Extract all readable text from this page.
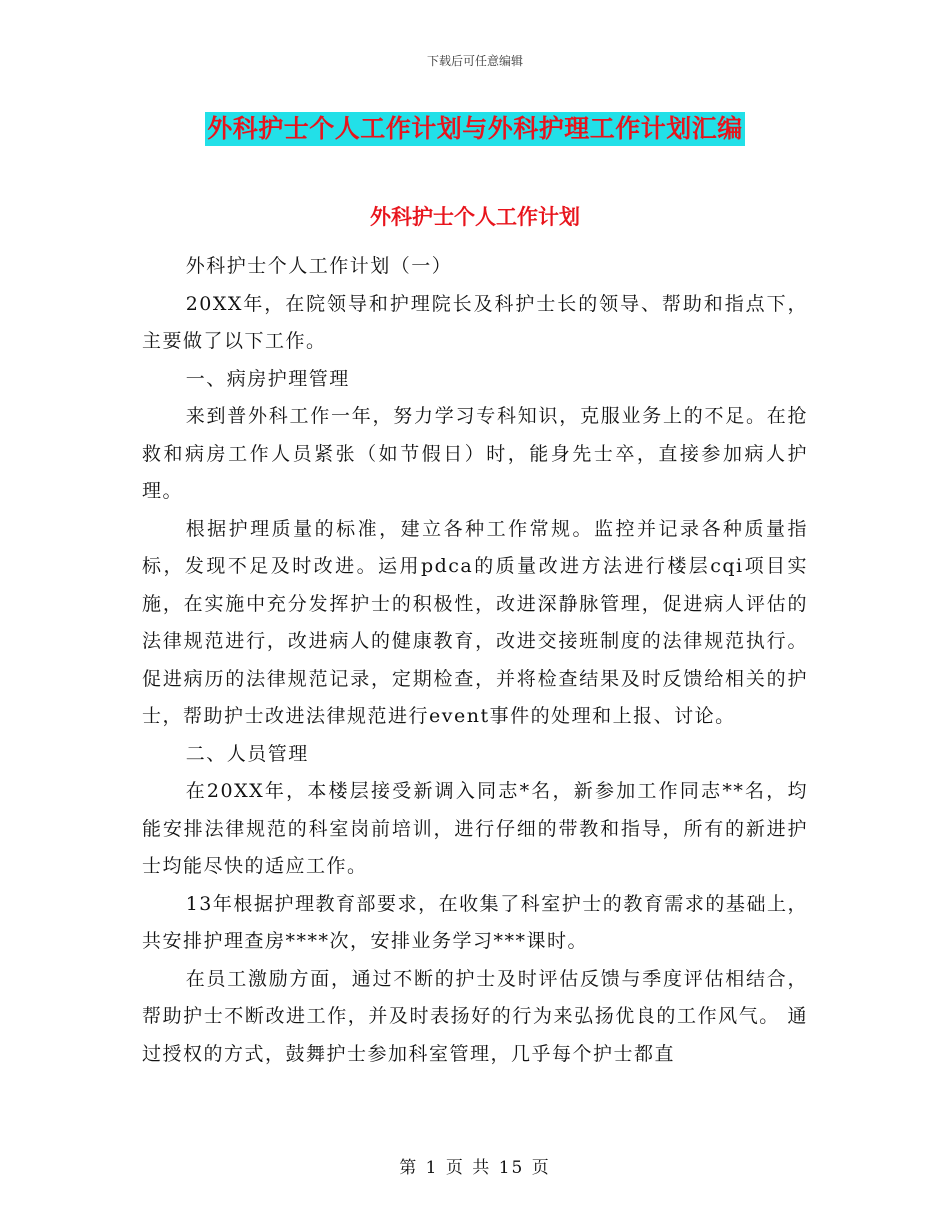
下载后可任意编辑
外科护士个人工作计划与外科护理工作计划汇编
外科护士个人工作计划

外科护士个人工作计划（一）

20XX年，在院领导和护理院长及科护士长的领导、帮助和指点下，主要做了以下工作。

一、病房护理管理

来到普外科工作一年，努力学习专科知识，克服业务上的不足。在抢救和病房工作人员紧张（如节假日）时，能身先士卒，直接参加病人护理。

根据护理质量的标准，建立各种工作常规。监控并记录各种质量指标，发现不足及时改进。运用pdca的质量改进方法进行楼层cqi项目实施，在实施中充分发挥护士的积极性，改进深静脉管理，促进病人评估的法律规范进行，改进病人的健康教育，改进交接班制度的法律规范执行。促进病历的法律规范记录，定期检查，并将检查结果及时反馈给相关的护士，帮助护士改进法律规范进行event事件的处理和上报、讨论。

二、人员管理

在20XX年，本楼层接受新调入同志*名，新参加工作同志**名，均能安排法律规范的科室岗前培训，进行仔细的带教和指导，所有的新进护士均能尽快的适应工作。

13年根据护理教育部要求，在收集了科室护士的教育需求的基础上，共安排护理查房****次，安排业务学习***课时。

在员工激励方面，通过不断的护士及时评估反馈与季度评估相结合，帮助护士不断改进工作，并及时表扬好的行为来弘扬优良的工作风气。 通过授权的方式，鼓舞护士参加科室管理，几乎每个护士都直

第 1 页 共 15 页
